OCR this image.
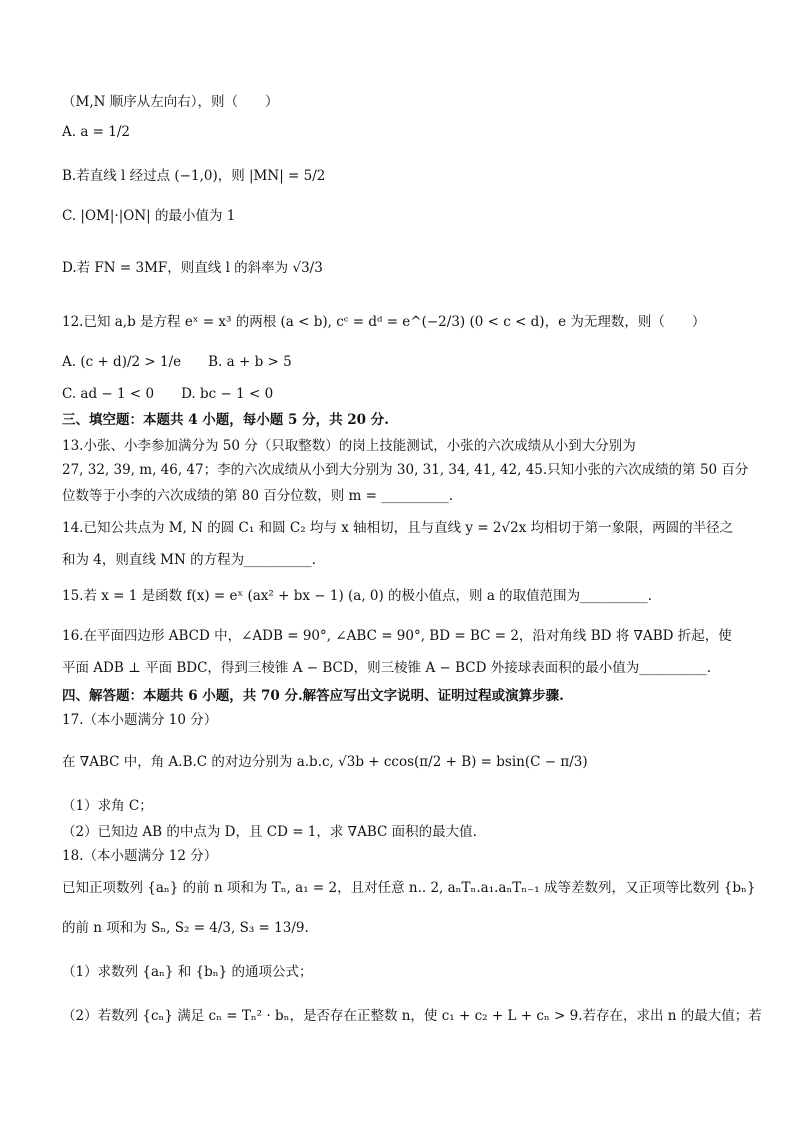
（M,N 顺序从左向右），则（　　）
A. a = 1/2
B.若直线 l 经过点 (−1,0)，则 |MN| = 5/2
C. |OM|·|ON| 的最小值为 1
D.若 FN = 3MF，则直线 l 的斜率为 √3/3
12.已知 a,b 是方程 eˣ = x³ 的两根 (a < b), cᶜ = dᵈ = e^(−2/3) (0 < c < d)，e 为无理数，则（　　）
A. (c + d)/2 > 1/e　　B. a + b > 5
C. ad − 1 < 0　　D. bc − 1 < 0
三、填空题：本题共 4 小题，每小题 5 分，共 20 分.
13.小张、小李参加满分为 50 分（只取整数）的岗上技能测试，小张的六次成绩从小到大分别为
27, 32, 39, m, 46, 47；李的六次成绩从小到大分别为 30, 31, 34, 41, 42, 45.只知小张的六次成绩的第 50 百分
位数等于小李的六次成绩的第 80 百分位数，则 m = __________.
14.已知公共点为 M, N 的圆 C₁ 和圆 C₂ 均与 x 轴相切，且与直线 y = 2√2x 均相切于第一象限，两圆的半径之
和为 4，则直线 MN 的方程为__________.
15.若 x = 1 是函数 f(x) = eˣ (ax² + bx − 1) (a, 0) 的极小值点，则 a 的取值范围为__________.
16.在平面四边形 ABCD 中，∠ADB = 90°, ∠ABC = 90°, BD = BC = 2，沿对角线 BD 将 ∇ABD 折起，使
平面 ADB ⊥ 平面 BDC，得到三棱锥 A − BCD，则三棱锥 A − BCD 外接球表面积的最小值为__________.
四、解答题：本题共 6 小题，共 70 分.解答应写出文字说明、证明过程或演算步骤.
17.（本小题满分 10 分）
在 ∇ABC 中，角 A.B.C 的对边分别为 a.b.c, √3b + ccos(π/2 + B) = bsin(C − π/3)
（1）求角 C；
（2）已知边 AB 的中点为 D，且 CD = 1，求 ∇ABC 面积的最大值.
18.（本小题满分 12 分）
已知正项数列 {aₙ} 的前 n 项和为 Tₙ, a₁ = 2，且对任意 n.. 2, aₙTₙ.a₁.aₙTₙ₋₁ 成等差数列，又正项等比数列 {bₙ}
的前 n 项和为 Sₙ, S₂ = 4/3, S₃ = 13/9.
（1）求数列 {aₙ} 和 {bₙ} 的通项公式；
（2）若数列 {cₙ} 满足 cₙ = Tₙ² · bₙ，是否存在正整数 n，使 c₁ + c₂ + L + cₙ > 9.若存在，求出 n 的最大值；若
